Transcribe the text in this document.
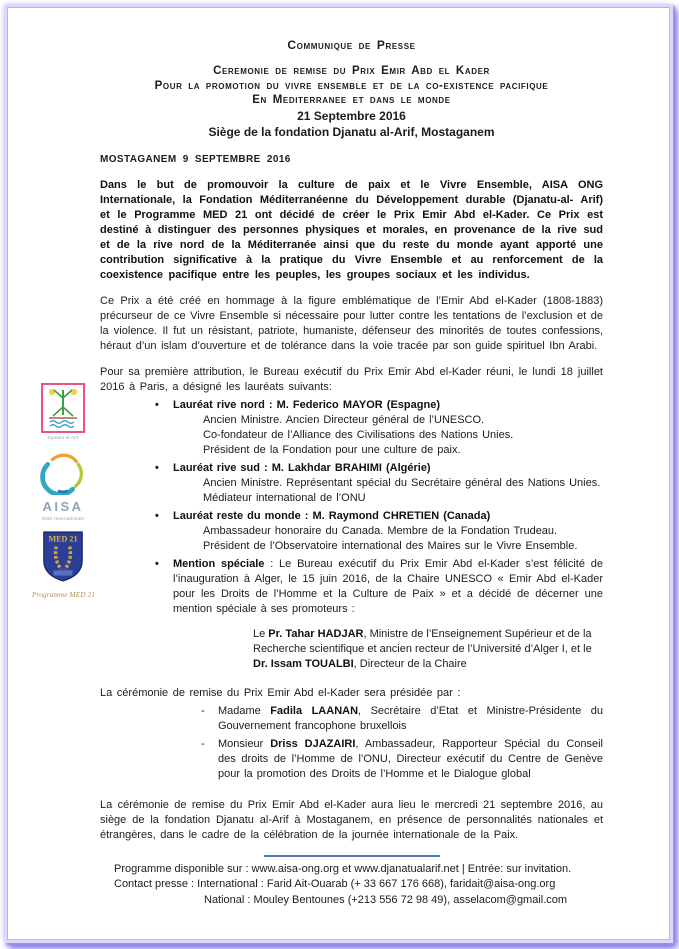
Djanatu al Arif
AISA
ONG Internationale
MED 21
Programme MED 21
Communique de Presse
Ceremonie de remise du Prix Emir Abd el Kader
Pour la promotion du vivre ensemble et de la co-existence pacifique
En Mediterranee et dans le monde
21 Septembre 2016
Siège de la fondation Djanatu al-Arif, Mostaganem
MOSTAGANEM 9 SEPTEMBRE 2016

Dans le but de promouvoir la culture de paix et le Vivre Ensemble, AISA ONG Internationale, la Fondation Méditerranéenne du Développement durable (Djanatu-al- Arif) et le Programme MED 21 ont décidé de créer le Prix Emir Abd el-Kader. Ce Prix est destiné à distinguer des personnes physiques et morales, en provenance de la rive sud et de la rive nord de la Méditerranée ainsi que du reste du monde ayant apporté une contribution significative à la pratique du Vivre Ensemble et au renforcement de la coexistence pacifique entre les peuples, les groupes sociaux et les individus.

Ce Prix a été créé en hommage à la figure emblématique de l’Emir Abd el-Kader (1808-1883) précurseur de ce Vivre Ensemble si nécessaire pour lutter contre les tentations de l’exclusion et de la violence. Il fut un résistant, patriote, humaniste, défenseur des minorités de toutes confessions, héraut d’un islam d’ouverture et de tolérance dans la voie tracée par son guide spirituel Ibn Arabi.

Pour sa première attribution, le Bureau exécutif du Prix Emir Abd el-Kader réuni, le lundi 18 juillet 2016 à Paris, a désigné les lauréats suivants:

• Lauréat rive nord : M. Federico MAYOR (Espagne)
Ancien Ministre. Ancien Directeur général de l’UNESCO.
Co-fondateur de l’Alliance des Civilisations des Nations Unies.
Président de la Fondation pour une culture de paix.
• Lauréat rive sud : M. Lakhdar BRAHIMI (Algérie)
Ancien Ministre. Représentant spécial du Secrétaire général des Nations Unies. Médiateur international de l’ONU
• Lauréat reste du monde : M. Raymond CHRETIEN (Canada)
Ambassadeur honoraire du Canada. Membre de la Fondation Trudeau. Président de l’Observatoire international des Maires sur le Vivre Ensemble.
• Mention spéciale : Le Bureau exécutif du Prix Emir Abd el-Kader s’est félicité de l’inauguration à Alger, le 15 juin 2016, de la Chaire UNESCO « Emir Abd el-Kader pour les Droits de l’Homme et la Culture de Paix » et a décidé de décerner une mention spéciale à ses promoteurs :

Le Pr. Tahar HADJAR, Ministre de l’Enseignement Supérieur et de la Recherche scientifique et ancien recteur de l’Université d’Alger I, et le Dr. Issam TOUALBI, Directeur de la Chaire

La cérémonie de remise du Prix Emir Abd el-Kader sera présidée par :

- Madame Fadila LAANAN, Secrétaire d’Etat et Ministre-Présidente du Gouvernement francophone bruxellois
- Monsieur Driss DJAZAIRI, Ambassadeur, Rapporteur Spécial du Conseil des droits de l’Homme de l’ONU, Directeur exécutif du Centre de Genève pour la promotion des Droits de l’Homme et le Dialogue global

La cérémonie de remise du Prix Emir Abd el-Kader aura lieu le mercredi 21 septembre 2016, au siège de la fondation Djanatu al-Arif à Mostaganem, en présence de personnalités nationales et étrangères, dans le cadre de la célébration de la journée internationale de la Paix.

Programme disponible sur : www.aisa-ong.org et www.djanatualarif.net | Entrée: sur invitation.
Contact presse : International : Farid Ait-Ouarab (+ 33 667 176 668), faridait@aisa-ong.org
National : Mouley Bentounes (+213 556 72 98 49), asselacom@gmail.com
